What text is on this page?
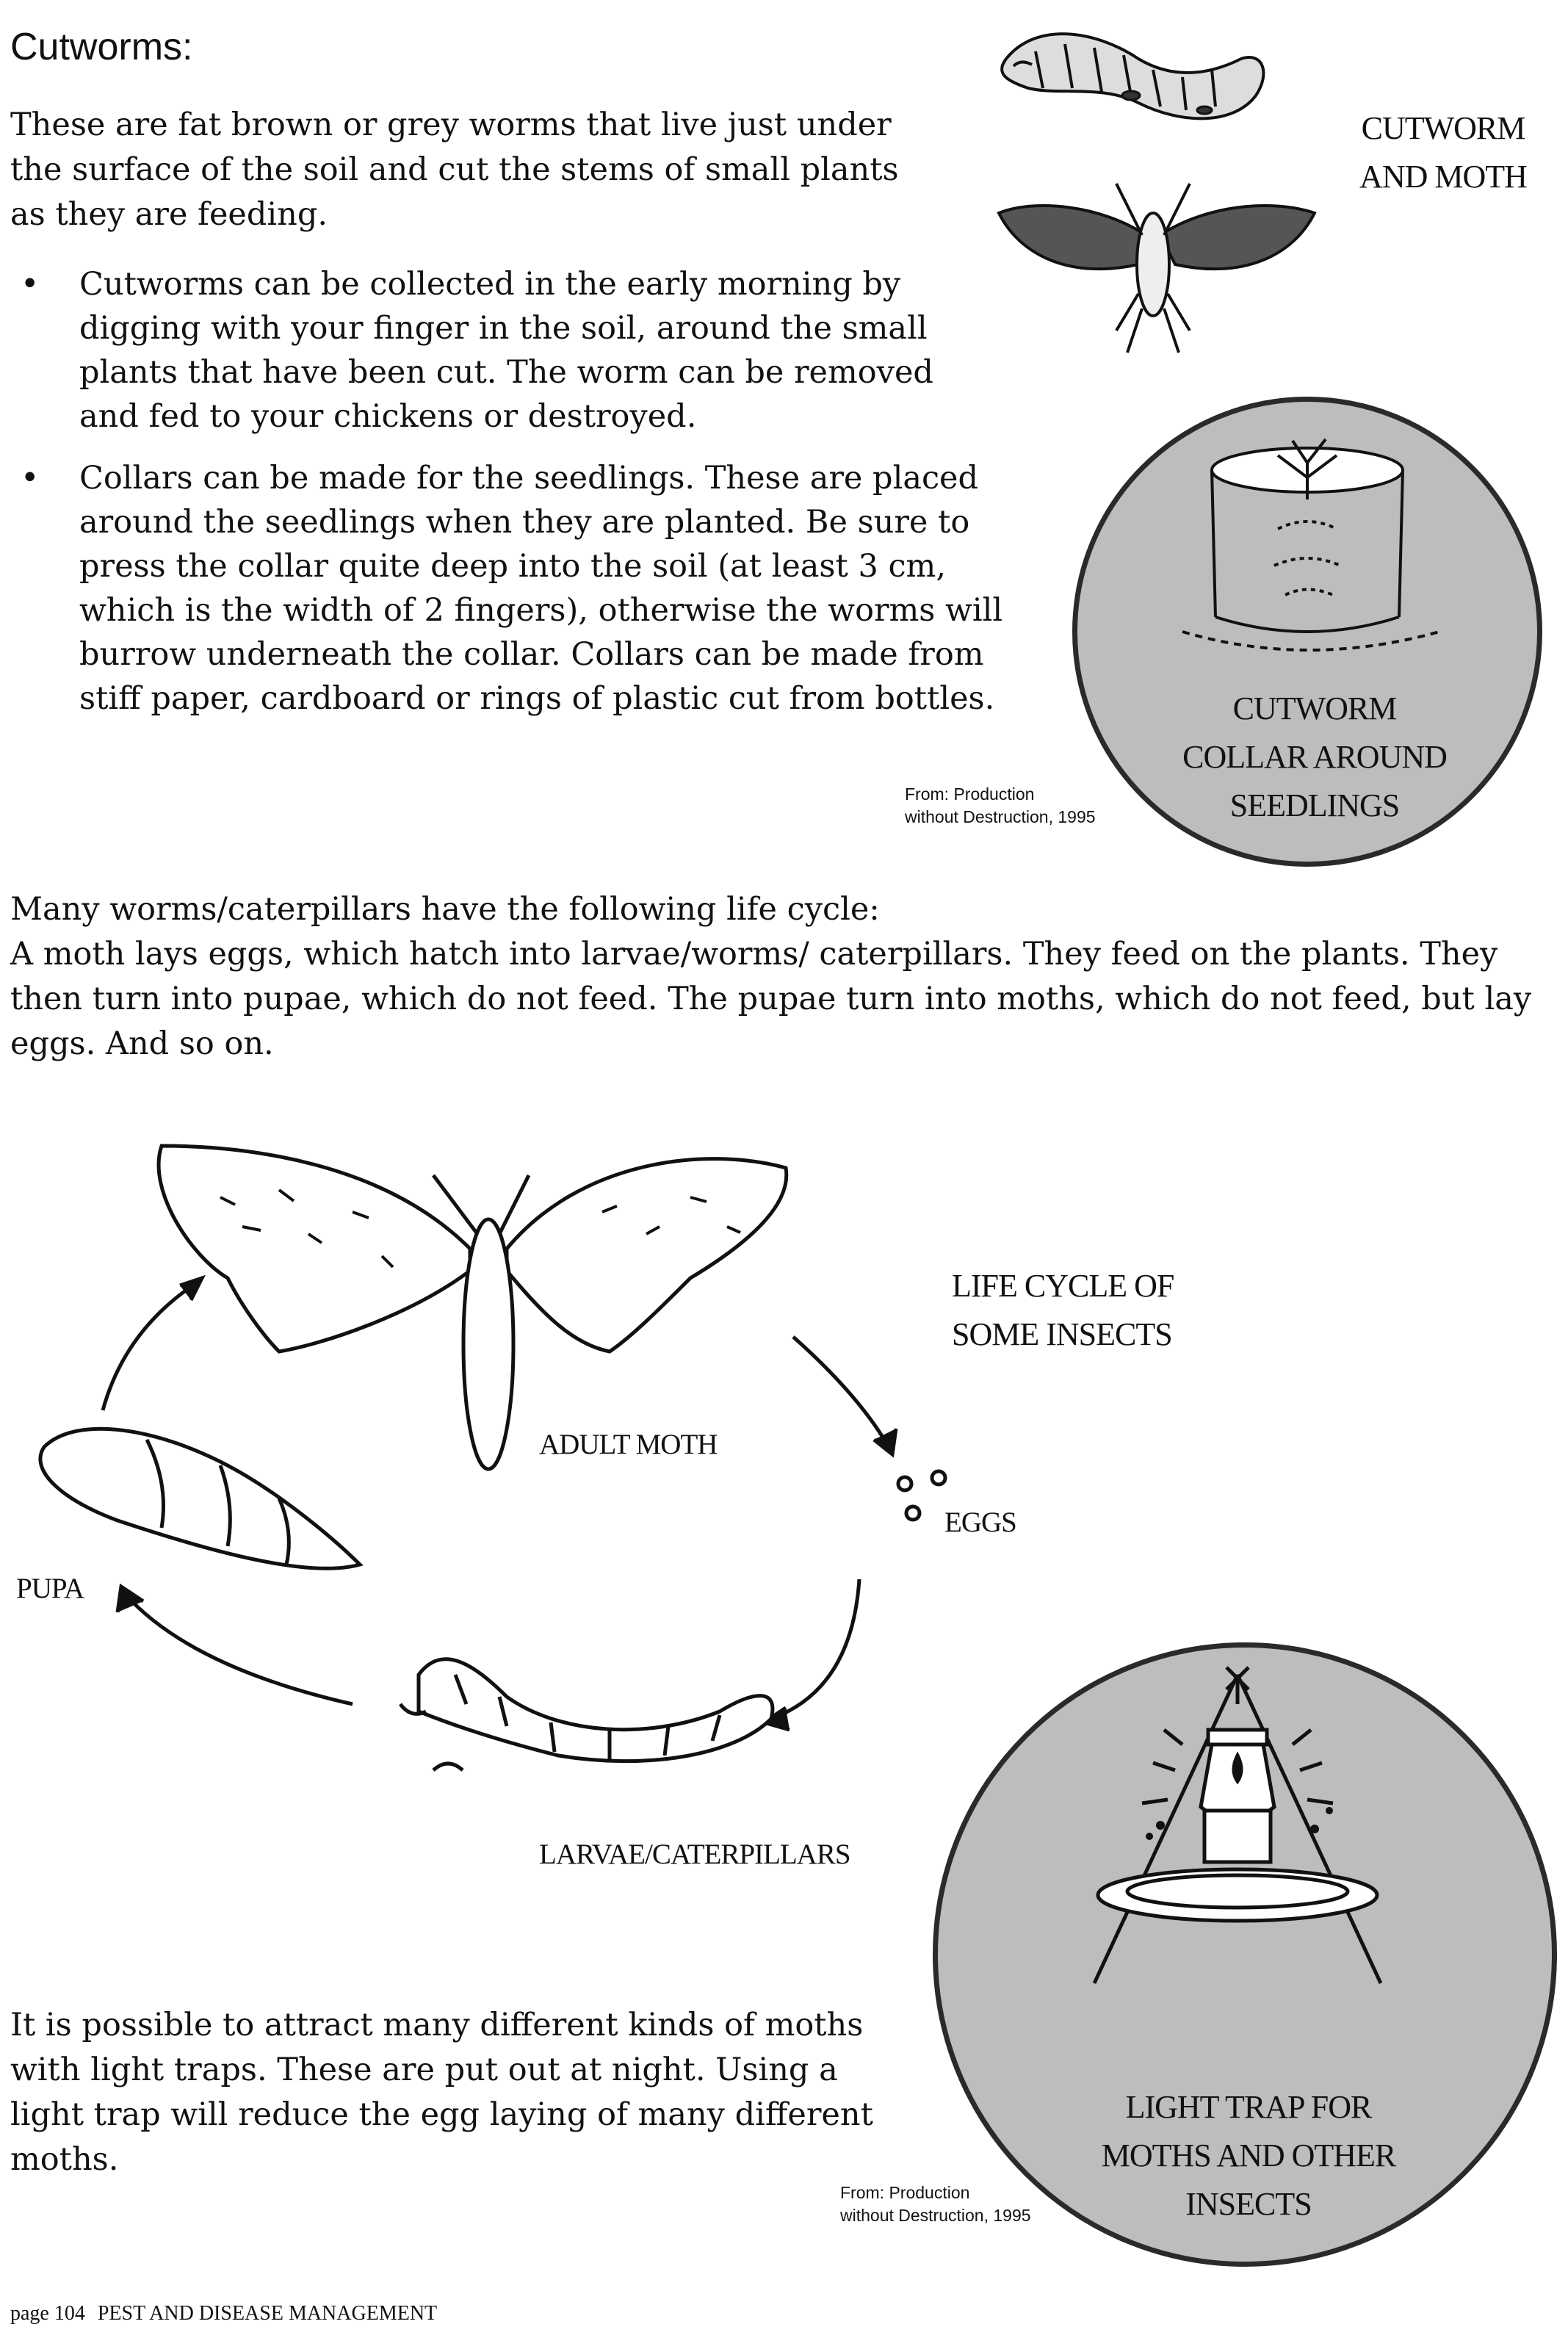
Cutworms:
These are fat brown or grey worms that live just under
the surface of the soil and cut the stems of small plants
as they are feeding.
• Cutworms can be collected in the early morning by
digging with your finger in the soil, around the small
plants that have been cut. The worm can be removed
and fed to your chickens or destroyed.
• Collars can be made for the seedlings. These are placed
around the seedlings when they are planted. Be sure to
press the collar quite deep into the soil (at least 3 cm,
which is the width of 2 fingers), otherwise the worms will
burrow underneath the collar. Collars can be made from
stiff paper, cardboard or rings of plastic cut from bottles.
CUTWORM
AND MOTH
CUTWORM
COLLAR AROUND
SEEDLINGS
From: Production
without Destruction, 1995
Many worms/caterpillars have the following life cycle:
A moth lays eggs, which hatch into larvae/worms/ caterpillars. They feed on the plants. They
then turn into pupae, which do not feed. The pupae turn into moths, which do not feed, but lay
eggs. And so on.
LIFE CYCLE OF
SOME INSECTS
ADULT MOTH
EGGS
PUPA
LARVAE/CATERPILLARS
LIGHT TRAP FOR
MOTHS AND OTHER
INSECTS
It is possible to attract many different kinds of moths
with light traps. These are put out at night. Using a
light trap will reduce the egg laying of many different
moths.
From: Production
without Destruction, 1995
page 104 PEST AND DISEASE MANAGEMENT
